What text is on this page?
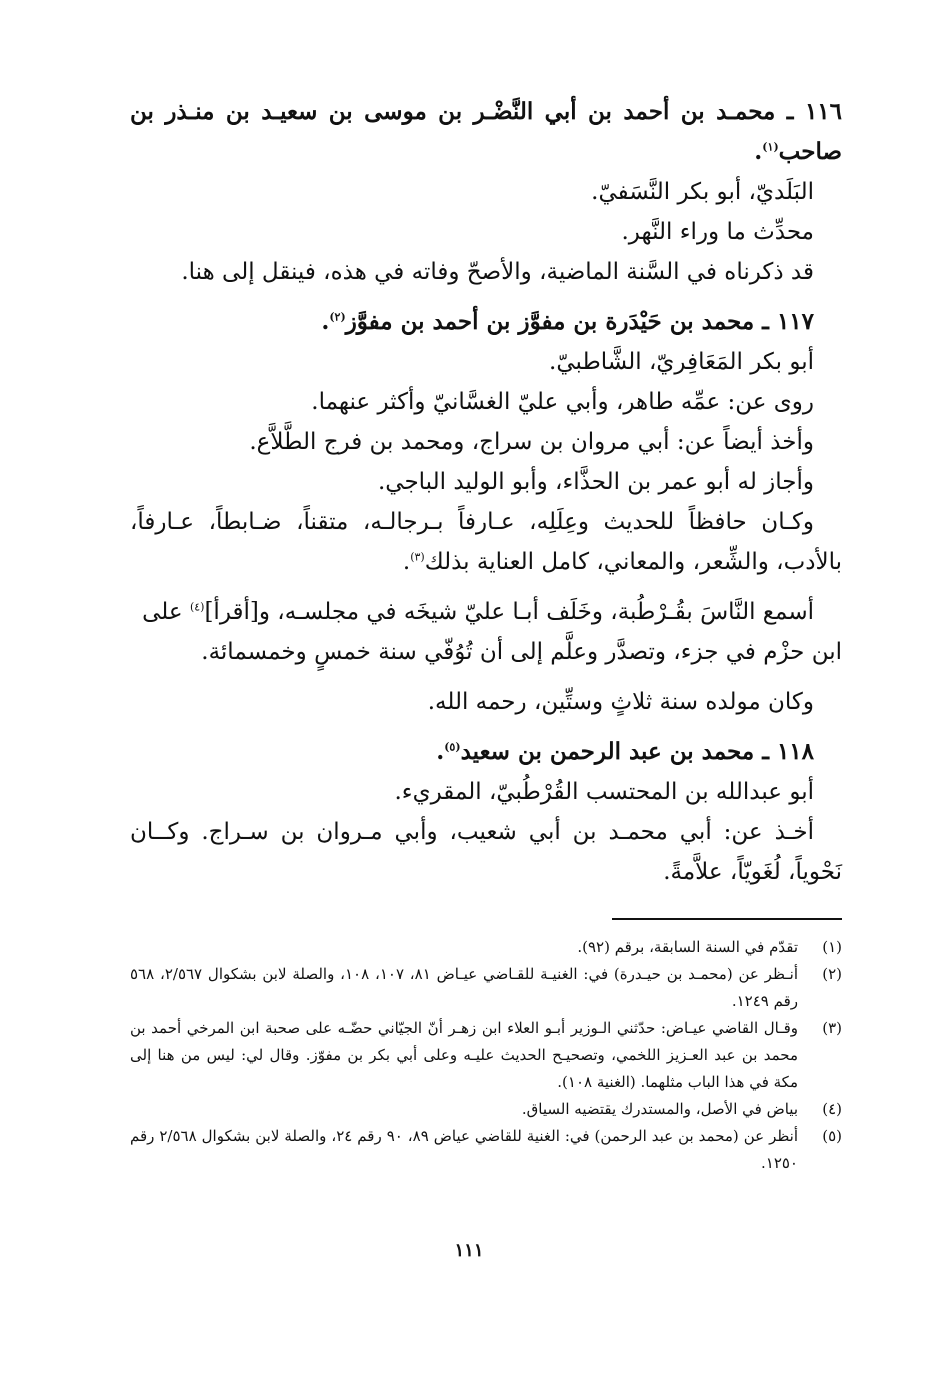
١١٦ ـ محمـد بن أحمد بن أبي النَّضْـر بن موسى بن سعيـد بن منـذر بن
صاحب$^{(١)}$.
البَلَديّ، أبو بكر النَّسَفيّ.
محدِّث ما وراء النَّهر.
قد ذكرناه في السَّنة الماضية، والأصحّ وفاته في هذه، فينقل إلى هنا.
١١٧ ـ محمد بن حَيْدَرة بن مفوَّز بن أحمد بن مفوَّز$^{(٢)}$.
أبو بكر المَعَافِريّ، الشَّاطبيّ.
روى عن: عمِّه طاهر، وأبي عليّ الغسَّانيّ وأكثر عنهما.
وأخذ أيضاً عن: أبي مروان بن سراج، ومحمد بن فرج الطَّلاَّع.
وأجاز له أبو عمر بن الحذَّاء، وأبو الوليد الباجي.
وكـان حافظاً للحديث وعِلَلِه، عـارفاً بـرجالـه، متقناً، ضـابطاً، عـارفاً،
بالأدب، والشِّعر، والمعاني، كامل العناية بذلك$^{(٣)}$.
أسمع النَّاسَ بقُـرْطُبة، وخَلَف أبـا عليّ شيخَه في مجلسـه، و[أقرأ]$^{(٤)}$ على
ابن حزْم في جزء، وتصدَّر وعلَّم إلى أن تُوُفّي سنة خمسٍ وخمسمائة.
وكان مولده سنة ثلاثٍ وستِّين، رحمه الله.
١١٨ ـ محمد بن عبد الرحمن بن سعيد$^{(٥)}$.
أبو عبدالله بن المحتسب القُرْطُبيّ، المقريء.
أخـذ عن: أبي محمـد بن أبي شعيب، وأبي مـروان بن سـراج. وكــان
نَحْوياً، لُغَويّاً، علاَّمةً.
(١)
تقدّم في السنة السابقة، برقم (٩٢).
(٢)
أنـظر عن (محمـد بن حيـدرة) في: الغنيـة للقـاضي عيـاض ٨١، ١٠٧، ١٠٨، والصلة لابن بشكوال ٢/٥٦٧، ٥٦٨ رقم ١٢٤٩.
(٣)
وقـال القاضي عيـاض: حدّثني الـوزير أبـو العلاء ابن زهـر أنّ الجيّاني حضّـه على صحبة ابن المرخي أحمد بن محمد بن عبد العـزيز اللخمي، وتصحيـح الحديث عليـه وعلى أبي بكر بن مفوّز. وقال لي: ليس من هنا إلى مكة في هذا الباب مثلهما. (الغنية ١٠٨).
(٤)
بياض في الأصل، والمستدرك يقتضيه السياق.
(٥)
أنظر عن (محمد بن عبد الرحمن) في: الغنية للقاضي عياض ٨٩، ٩٠ رقم ٢٤، والصلة لابن بشكوال ٢/٥٦٨ رقم ١٢٥٠.
١١١
